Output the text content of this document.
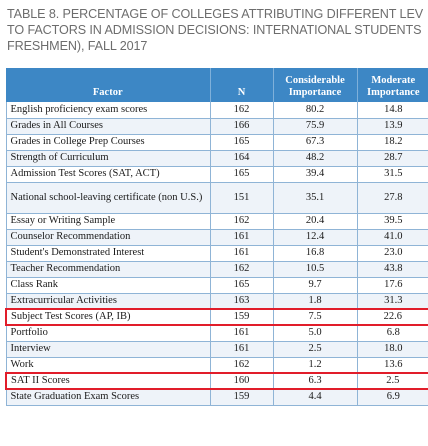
TABLE 8. PERCENTAGE OF COLLEGES ATTRIBUTING DIFFERENT LEV
TO FACTORS IN ADMISSION DECISIONS: INTERNATIONAL STUDENTS
FRESHMEN), FALL 2017
Factor	N	Considerable Importance	Moderate Importance
English proficiency exam scores	162	80.2	14.8
Grades in All Courses	166	75.9	13.9
Grades in College Prep Courses	165	67.3	18.2
Strength of Curriculum	164	48.2	28.7
Admission Test Scores (SAT, ACT)	165	39.4	31.5
National school-leaving certificate (non U.S.)	151	35.1	27.8
Essay or Writing Sample	162	20.4	39.5
Counselor Recommendation	161	12.4	41.0
Student's Demonstrated Interest	161	16.8	23.0
Teacher Recommendation	162	10.5	43.8
Class Rank	165	9.7	17.6
Extracurricular Activities	163	1.8	31.3
Subject Test Scores (AP, IB)	159	7.5	22.6
Portfolio	161	5.0	6.8
Interview	161	2.5	18.0
Work	162	1.2	13.6
SAT II Scores	160	6.3	2.5
State Graduation Exam Scores	159	4.4	6.9
